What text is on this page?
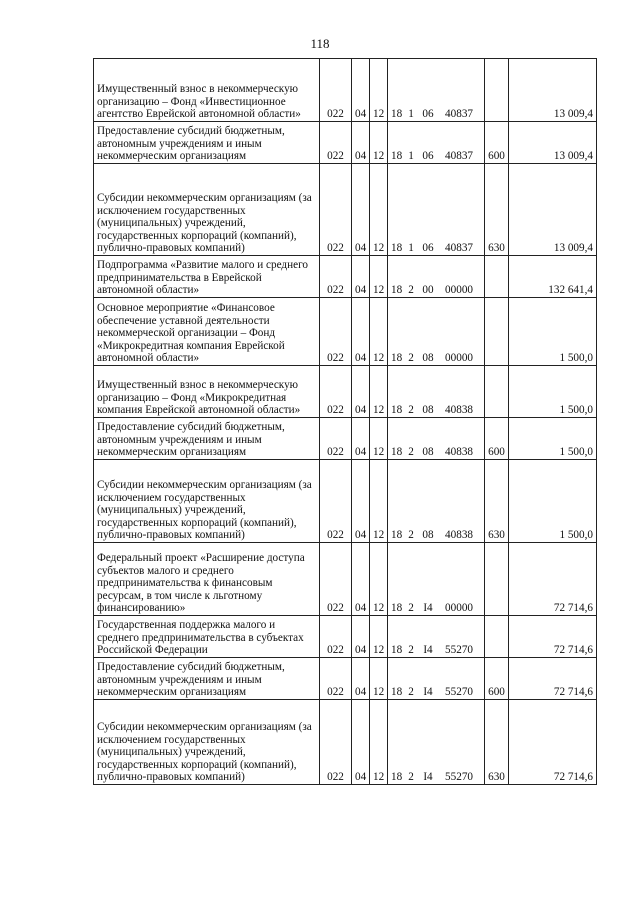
118
Имущественный взнос в некоммерческую организацию – Фонд «Инвестиционное агентство Еврейской автономной области»	022	04	12	18 1 06 40837		13 009,4
Предоставление субсидий бюджетным, автономным учреждениям и иным некоммерческим организациям	022	04	12	18 1 06 40837	600	13 009,4
Субсидии некоммерческим организациям (за исключением государственных (муниципальных) учреждений, государственных корпораций (компаний), публично-правовых компаний)	022	04	12	18 1 06 40837	630	13 009,4
Подпрограмма «Развитие малого и среднего предпринимательства в Еврейской автономной области»	022	04	12	18 2 00 00000		132 641,4
Основное мероприятие «Финансовое обеспечение уставной деятельности некоммерческой организации – Фонд «Микрокредитная компания Еврейской автономной области»	022	04	12	18 2 08 00000		1 500,0
Имущественный взнос в некоммерческую организацию – Фонд «Микрокредитная компания Еврейской автономной области»	022	04	12	18 2 08 40838		1 500,0
Предоставление субсидий бюджетным, автономным учреждениям и иным некоммерческим организациям	022	04	12	18 2 08 40838	600	1 500,0
Субсидии некоммерческим организациям (за исключением государственных (муниципальных) учреждений, государственных корпораций (компаний), публично-правовых компаний)	022	04	12	18 2 08 40838	630	1 500,0
Федеральный проект «Расширение доступа субъектов малого и среднего предпринимательства к финансовым ресурсам, в том числе к льготному финансированию»	022	04	12	18 2 I4 00000		72 714,6
Государственная поддержка малого и среднего предпринимательства в субъектах Российской Федерации	022	04	12	18 2 I4 55270		72 714,6
Предоставление субсидий бюджетным, автономным учреждениям и иным некоммерческим организациям	022	04	12	18 2 I4 55270	600	72 714,6
Субсидии некоммерческим организациям (за исключением государственных (муниципальных) учреждений, государственных корпораций (компаний), публично-правовых компаний)	022	04	12	18 2 I4 55270	630	72 714,6
